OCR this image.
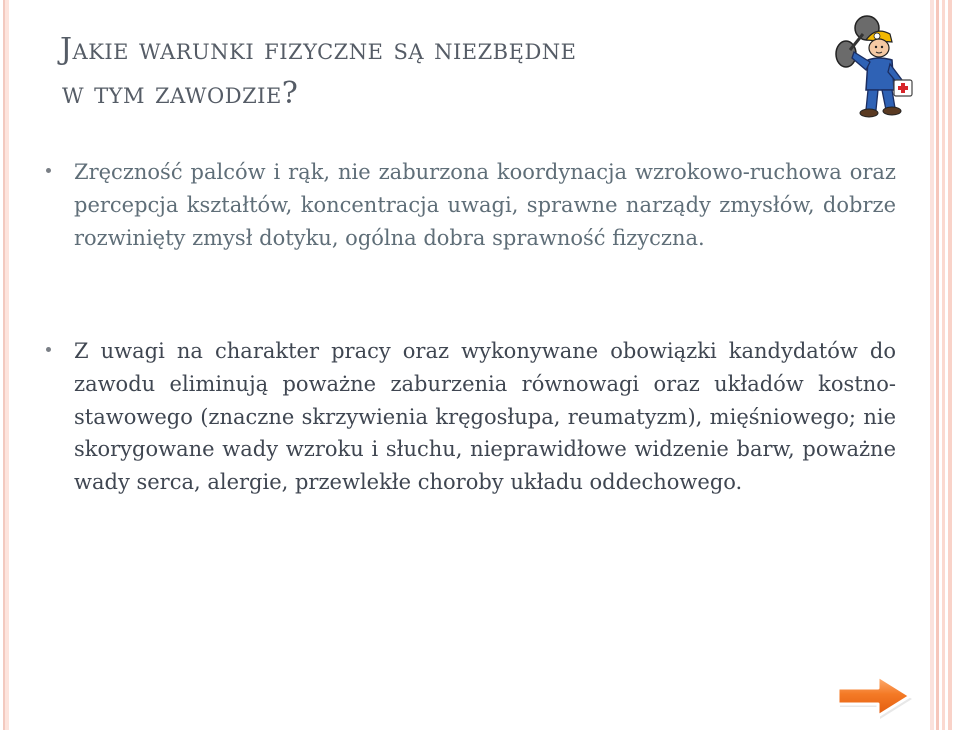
Jakie warunki fizyczne są niezbędne
w tym zawodzie?
Zręczność palców i rąk, nie zaburzona koordynacja wzrokowo-ruchowa oraz percepcja kształtów, koncentracja uwagi, sprawne narządy zmysłów, dobrze rozwinięty zmysł dotyku, ogólna dobra sprawność fizyczna.
Z uwagi na charakter pracy oraz wykonywane obowiązki kandydatów do zawodu eliminują poważne zaburzenia równowagi oraz układów kostno-stawowego (znaczne skrzywienia kręgosłupa, reumatyzm), mięśniowego; nie skorygowane wady wzroku i słuchu, nieprawidłowe widzenie barw, poważne wady serca, alergie, przewlekłe choroby układu oddechowego.
